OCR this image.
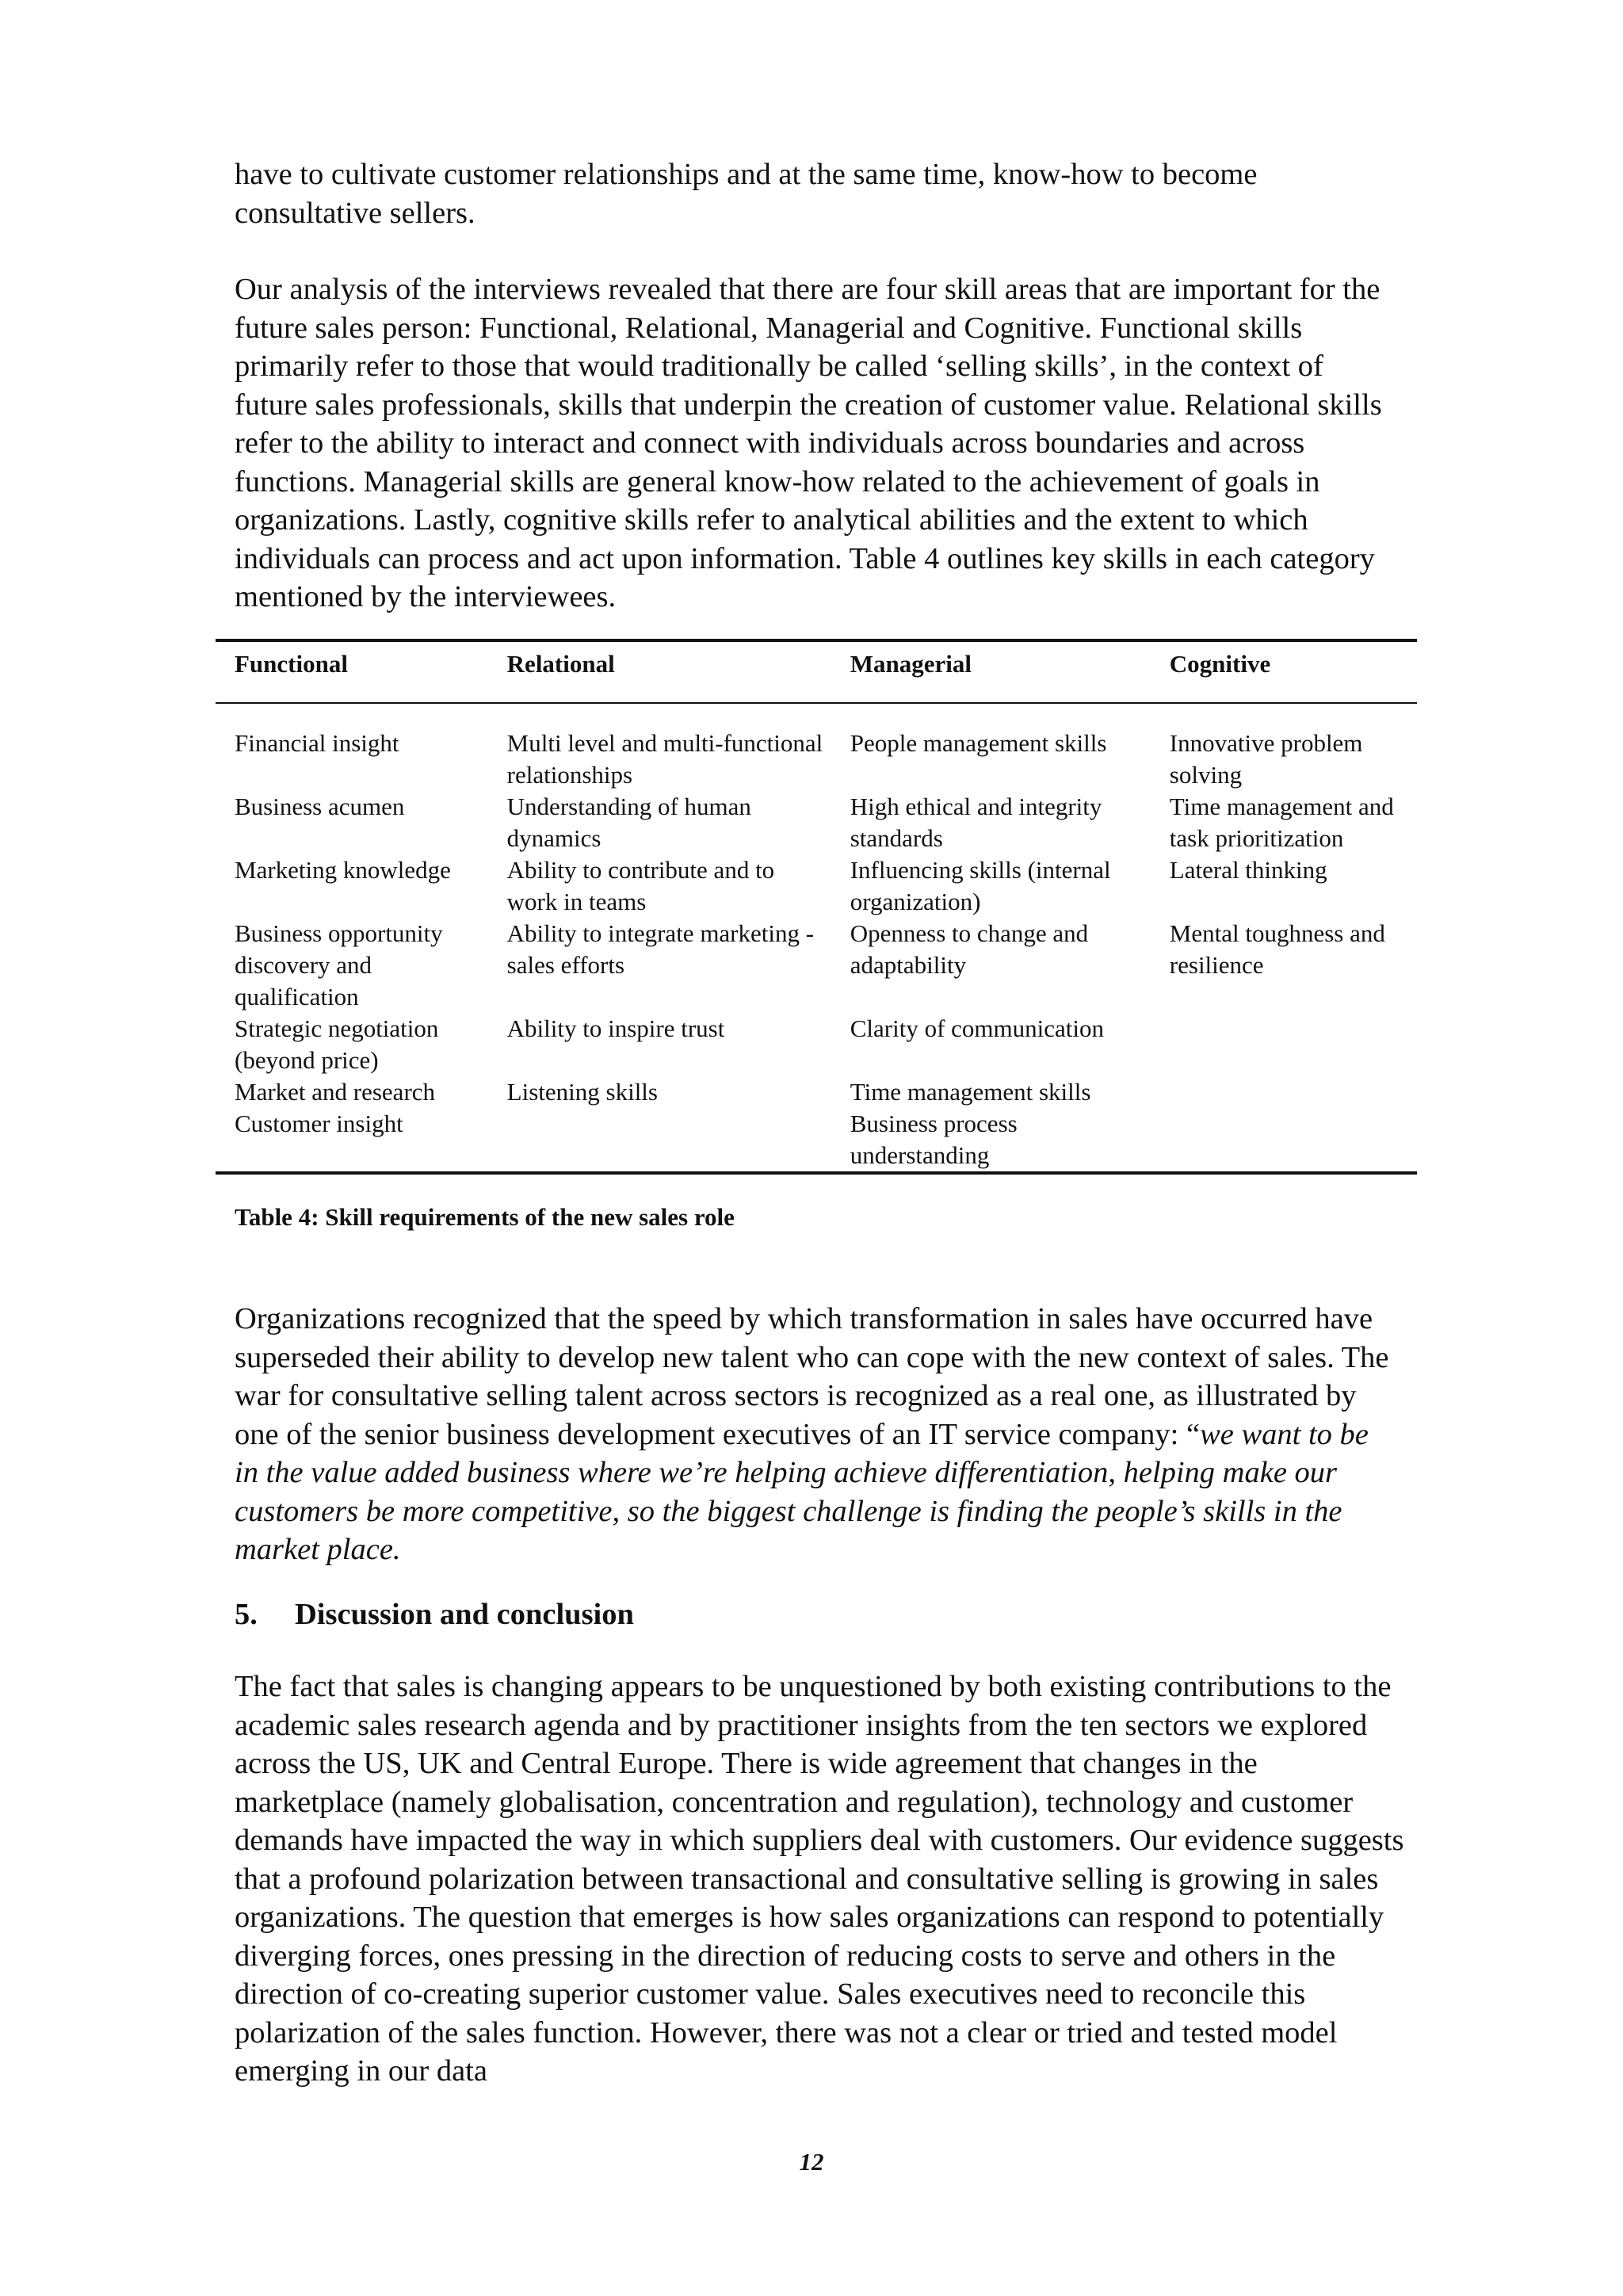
have to cultivate customer relationships and at the same time, know-how to become consultative sellers.

Our analysis of the interviews revealed that there are four skill areas that are important for the future sales person: Functional, Relational, Managerial and Cognitive. Functional skills primarily refer to those that would traditionally be called ‘selling skills’, in the context of future sales professionals, skills that underpin the creation of customer value. Relational skills refer to the ability to interact and connect with individuals across boundaries and across functions. Managerial skills are general know-how related to the achievement of goals in organizations. Lastly, cognitive skills refer to analytical abilities and the extent to which individuals can process and act upon information. Table 4 outlines key skills in each category mentioned by the interviewees.

Functional	Relational	Managerial	Cognitive
Financial insight	Multi level and multi-functional relationships	People management skills	Innovative problem solving
Business acumen	Understanding of human dynamics	High ethical and integrity standards	Time management and task prioritization
Marketing knowledge	Ability to contribute and to work in teams	Influencing skills (internal organization)	Lateral thinking
Business opportunity discovery and qualification	Ability to integrate marketing - sales efforts	Openness to change and adaptability	Mental toughness and resilience
Strategic negotiation (beyond price)	Ability to inspire trust	Clarity of communication	
Market and research	Listening skills	Time management skills	
Customer insight		Business process understanding	
Table 4: Skill requirements of the new sales role

Organizations recognized that the speed by which transformation in sales have occurred have superseded their ability to develop new talent who can cope with the new context of sales. The war for consultative selling talent across sectors is recognized as a real one, as illustrated by one of the senior business development executives of an IT service company: “we want to be in the value added business where we’re helping achieve differentiation, helping make our customers be more competitive, so the biggest challenge is finding the people’s skills in the market place.

5. Discussion and conclusion

The fact that sales is changing appears to be unquestioned by both existing contributions to the academic sales research agenda and by practitioner insights from the ten sectors we explored across the US, UK and Central Europe. There is wide agreement that changes in the marketplace (namely globalisation, concentration and regulation), technology and customer demands have impacted the way in which suppliers deal with customers. Our evidence suggests that a profound polarization between transactional and consultative selling is growing in sales organizations. The question that emerges is how sales organizations can respond to potentially diverging forces, ones pressing in the direction of reducing costs to serve and others in the direction of co-creating superior customer value. Sales executives need to reconcile this polarization of the sales function. However, there was not a clear or tried and tested model emerging in our data

12
